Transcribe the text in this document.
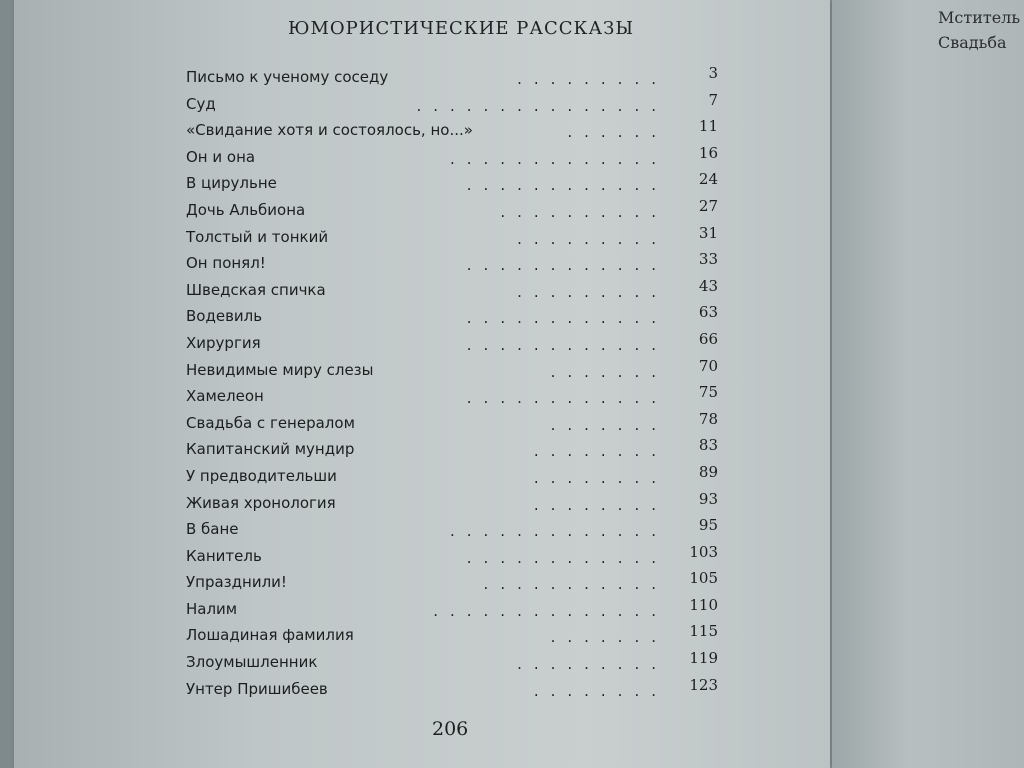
Мститель
Свадьба
ЮМОРИСТИЧЕСКИЕ РАССКАЗЫ
Письмо к ученому соседу	.........	3
Суд	...............	7
«Свидание хотя и состоялось, но...»	...... 11
Он и она	............. 16
В цирульне	............ 24
Дочь Альбиона	.......... 27
Толстый и тонкий	......... 31
Он понял!	............ 33
Шведская спичка	......... 43
Водевиль	............ 63
Хирургия	............ 66
Невидимые миру слезы	....... 70
Хамелеон	............ 75
Свадьба с генералом	....... 78
Капитанский мундир	........ 83
У предводительши	........ 89
Живая хронология	........ 93
В бане	............. 95
Канитель	............ 103
Упразднили!	........... 105
Налим	.............. 110
Лошадиная фамилия	....... 115
Злоумышленник	......... 119
Унтер Пришибеев	........ 123
206
